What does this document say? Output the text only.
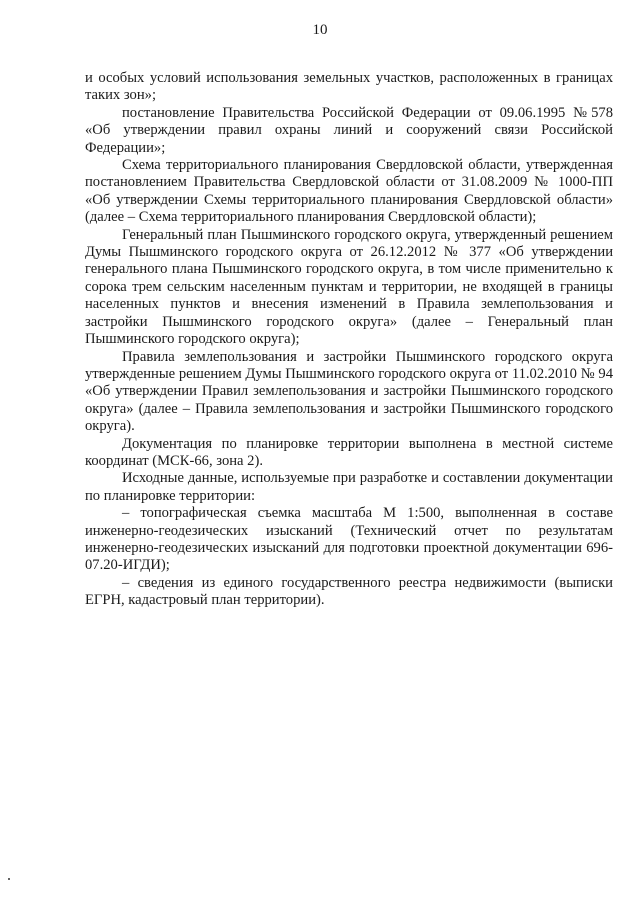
10

и особых условий использования земельных участков, расположенных в границах таких зон»;

постановление Правительства Российской Федерации от 09.06.1995 №578 «Об утверждении правил охраны линий и сооружений связи Российской Федерации»;

Схема территориального планирования Свердловской области, утвержденная постановлением Правительства Свердловской области от 31.08.2009 № 1000-ПП «Об утверждении Схемы территориального планирования Свердловской области» (далее – Схема территориального планирования Свердловской области);

Генеральный план Пышминского городского округа, утвержденный решением Думы Пышминского городского округа от 26.12.2012 № 377 «Об утверждении генерального плана Пышминского городского округа, в том числе применительно к сорока трем сельским населенным пунктам и территории, не входящей в границы населенных пунктов и внесения изменений в Правила землепользования и застройки Пышминского городского округа» (далее – Генеральный план Пышминского городского округа);

Правила землепользования и застройки Пышминского городского округа утвержденные решением Думы Пышминского городского округа от 11.02.2010 № 94 «Об утверждении Правил землепользования и застройки Пышминского городского округа» (далее – Правила землепользования и застройки Пышминского городского округа).

Документация по планировке территории выполнена в местной системе координат (МСК-66, зона 2).

Исходные данные, используемые при разработке и составлении документации по планировке территории:

– топографическая съемка масштаба М 1:500, выполненная в составе инженерно-геодезических изысканий (Технический отчет по результатам инженерно-геодезических изысканий для подготовки проектной документации 696-07.20-ИГДИ);

– сведения из единого государственного реестра недвижимости (выписки ЕГРН, кадастровый план территории).
